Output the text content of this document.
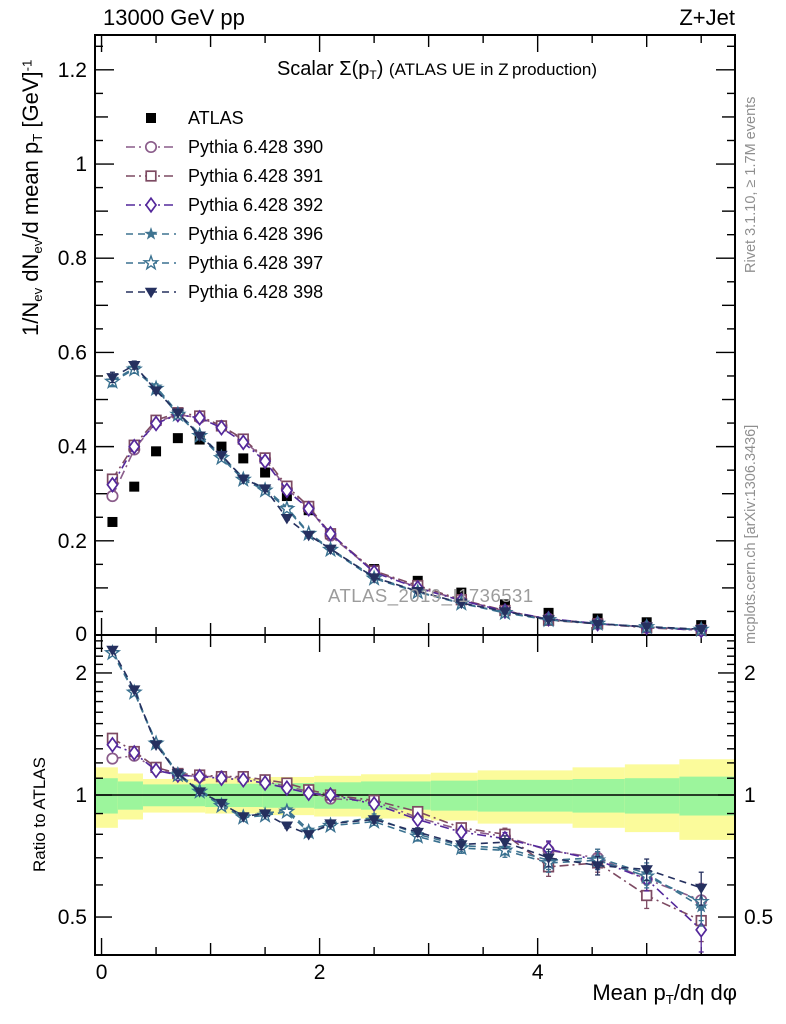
0.2
0.4
0.6
0.8
1
1.2
0
0	2	4
0.5	0.5
1	1
2	2
ATLAS
Pythia 6.428 390
Pythia 6.428 391
Pythia 6.428 392
Pythia 6.428 396
Pythia 6.428 397
Pythia 6.428 398
13000 GeV pp	Z+Jet
Scalar $\Sigma(p_T)$ (ATLAS UE in Z production)
$1/N_{ev}$ $dN_{ev}/d$ mean $p_T$ [GeV]$^{-1}$
Ratio to ATLAS
Mean $p_T/d\eta$ dφ
Rivet 3.1.10, ≥ 1.7M events
mcplots.cern.ch [arXiv:1306.3436]
ATLAS_2019_I1736531
